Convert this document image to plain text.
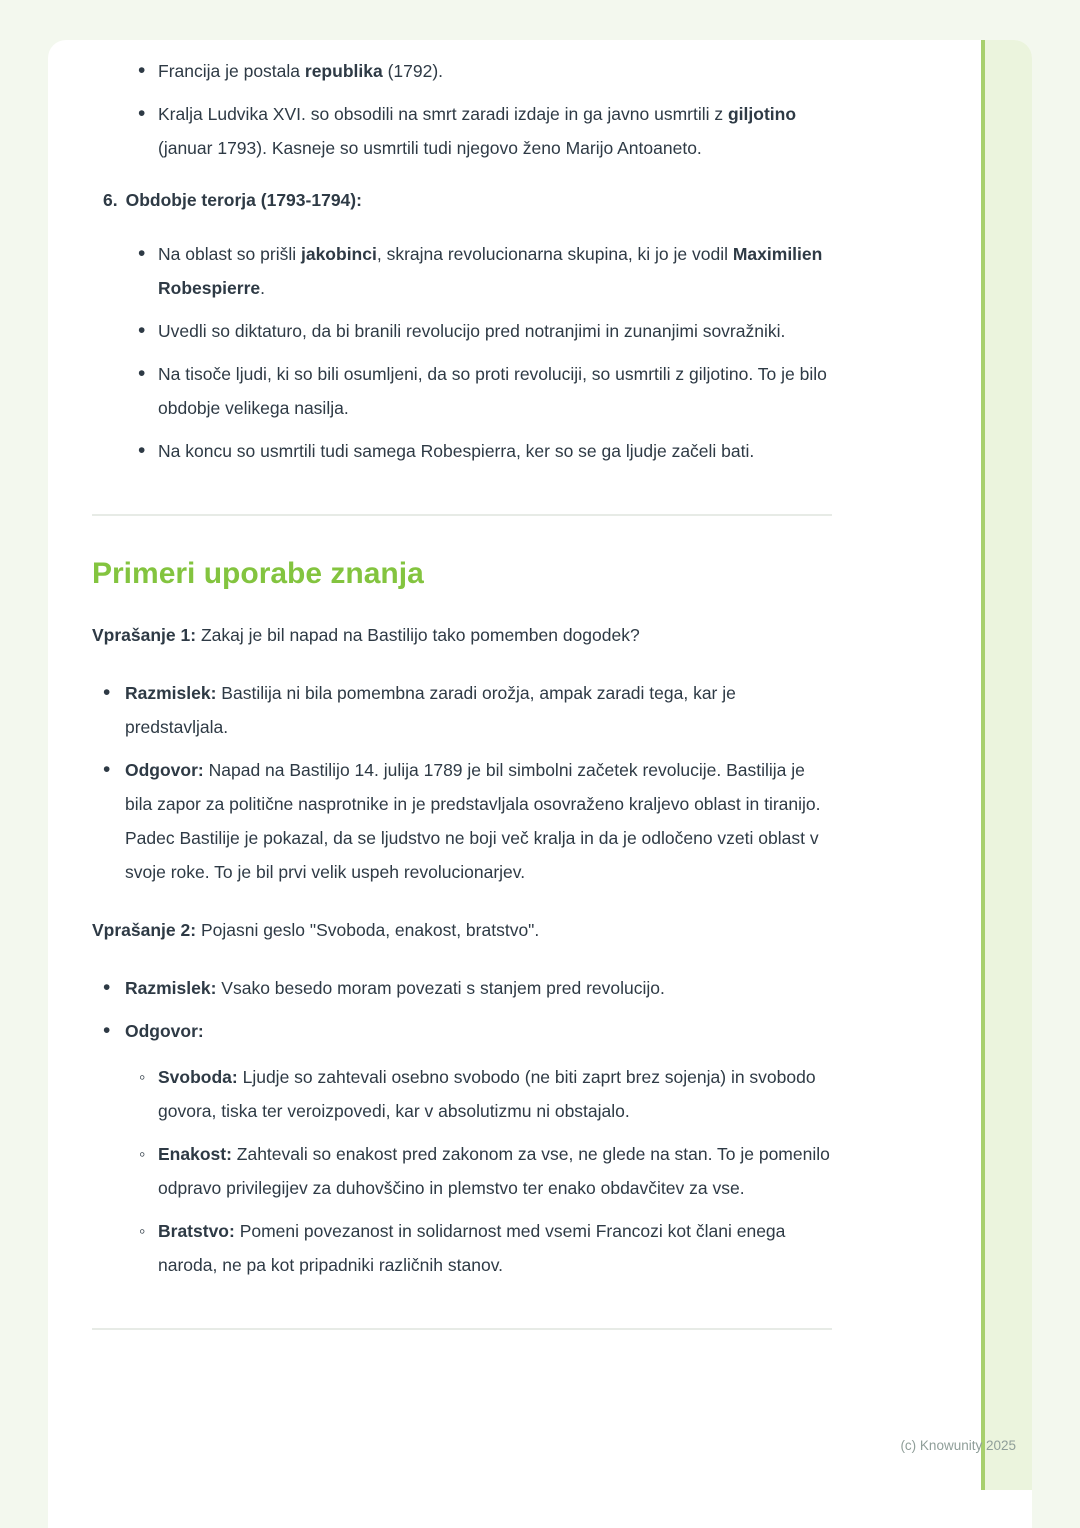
• Francija je postala republika (1792).
• Kralja Ludvika XVI. so obsodili na smrt zaradi izdaje in ga javno usmrtili z giljotino (januar 1793). Kasneje so usmrtili tudi njegovo ženo Marijo Antoaneto.
6. Obdobje terorja (1793-1794):
• Na oblast so prišli jakobinci, skrajna revolucionarna skupina, ki jo je vodil Maximilien Robespierre.
• Uvedli so diktaturo, da bi branili revolucijo pred notranjimi in zunanjimi sovražniki.
• Na tisoče ljudi, ki so bili osumljeni, da so proti revoluciji, so usmrtili z giljotino. To je bilo obdobje velikega nasilja.
• Na koncu so usmrtili tudi samega Robespierra, ker so se ga ljudje začeli bati.
Primeri uporabe znanja

Vprašanje 1: Zakaj je bil napad na Bastilijo tako pomemben dogodek?

• Razmislek: Bastilija ni bila pomembna zaradi orožja, ampak zaradi tega, kar je predstavljala.
• Odgovor: Napad na Bastilijo 14. julija 1789 je bil simbolni začetek revolucije. Bastilija je bila zapor za politične nasprotnike in je predstavljala osovraženo kraljevo oblast in tiranijo. Padec Bastilije je pokazal, da se ljudstvo ne boji več kralja in da je odločeno vzeti oblast v svoje roke. To je bil prvi velik uspeh revolucionarjev.

Vprašanje 2: Pojasni geslo "Svoboda, enakost, bratstvo".

• Razmislek: Vsako besedo moram povezati s stanjem pred revolucijo.
• Odgovor:
◦ Svoboda: Ljudje so zahtevali osebno svobodo (ne biti zaprt brez sojenja) in svobodo govora, tiska ter veroizpovedi, kar v absolutizmu ni obstajalo.
◦ Enakost: Zahtevali so enakost pred zakonom za vse, ne glede na stan. To je pomenilo odpravo privilegijev za duhovščino in plemstvo ter enako obdavčitev za vse.
◦ Bratstvo: Pomeni povezanost in solidarnost med vsemi Francozi kot člani enega naroda, ne pa kot pripadniki različnih stanov.
(c) Knowunity 2025
